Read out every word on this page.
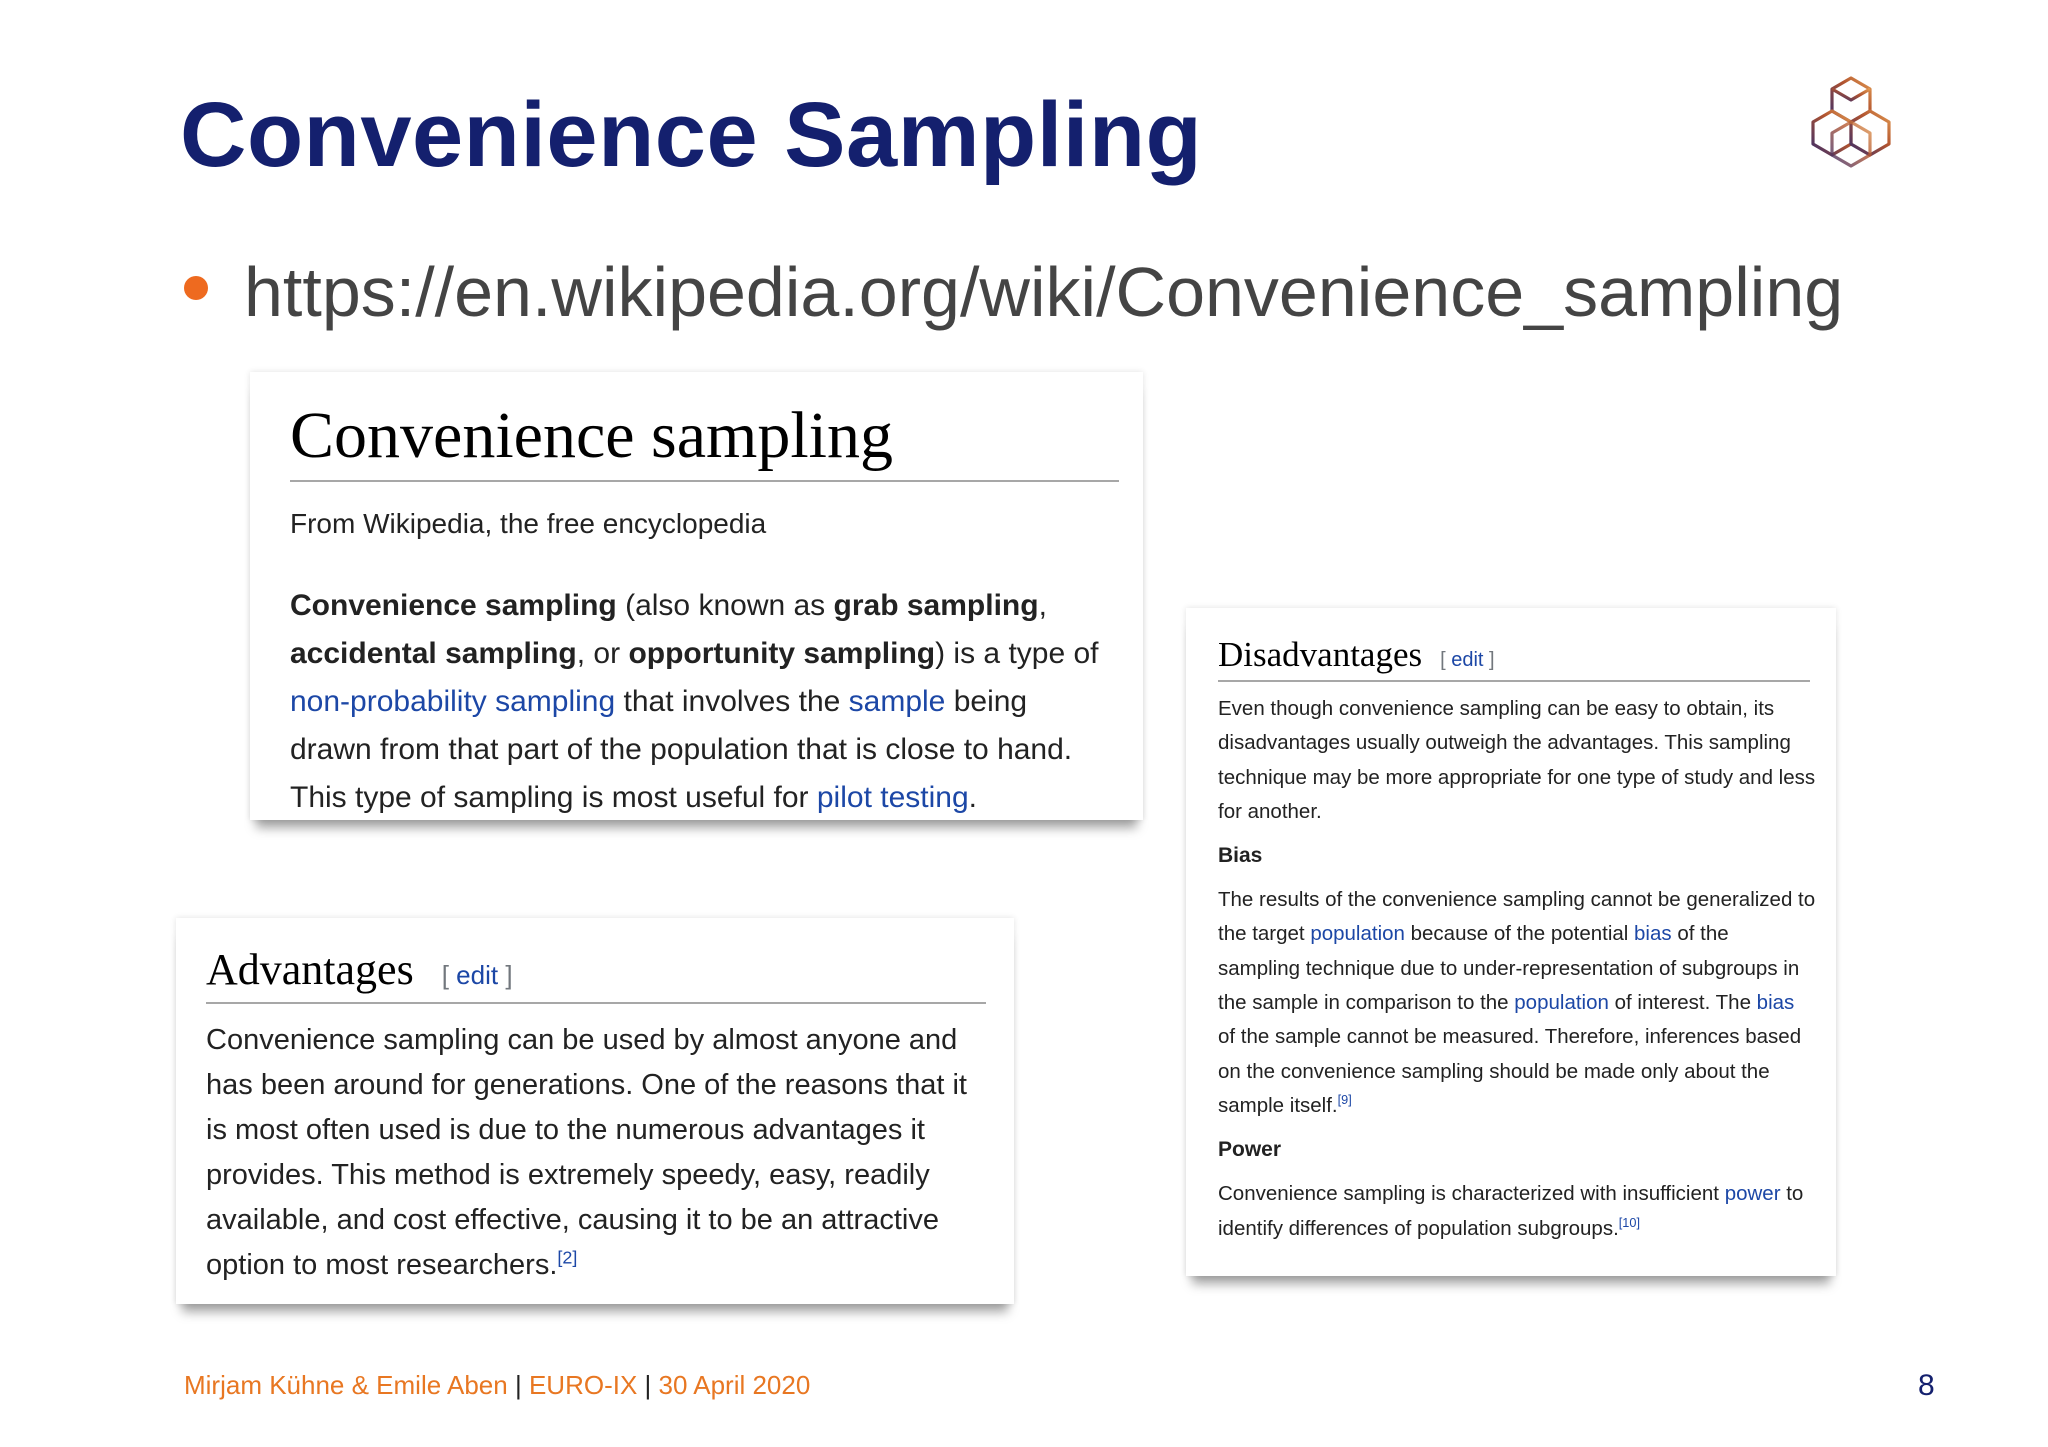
Convenience Sampling

https://en.wikipedia.org/wiki/Convenience_sampling

Convenience sampling

From Wikipedia, the free encyclopedia

Convenience sampling (also known as grab sampling, accidental sampling, or opportunity sampling) is a type of non-probability sampling that involves the sample being drawn from that part of the population that is close to hand. This type of sampling is most useful for pilot testing.

Advantages [ edit ]

Convenience sampling can be used by almost anyone and has been around for generations. One of the reasons that it is most often used is due to the numerous advantages it provides. This method is extremely speedy, easy, readily available, and cost effective, causing it to be an attractive option to most researchers.[2]

Disadvantages [ edit ]

Even though convenience sampling can be easy to obtain, its disadvantages usually outweigh the advantages. This sampling technique may be more appropriate for one type of study and less for another.

Bias

The results of the convenience sampling cannot be generalized to the target population because of the potential bias of the sampling technique due to under-representation of subgroups in the sample in comparison to the population of interest. The bias of the sample cannot be measured. Therefore, inferences based on the convenience sampling should be made only about the sample itself.[9]

Power

Convenience sampling is characterized with insufficient power to identify differences of population subgroups.[10]

Mirjam Kühne & Emile Aben | EURO-IX | 30 April 2020	8
